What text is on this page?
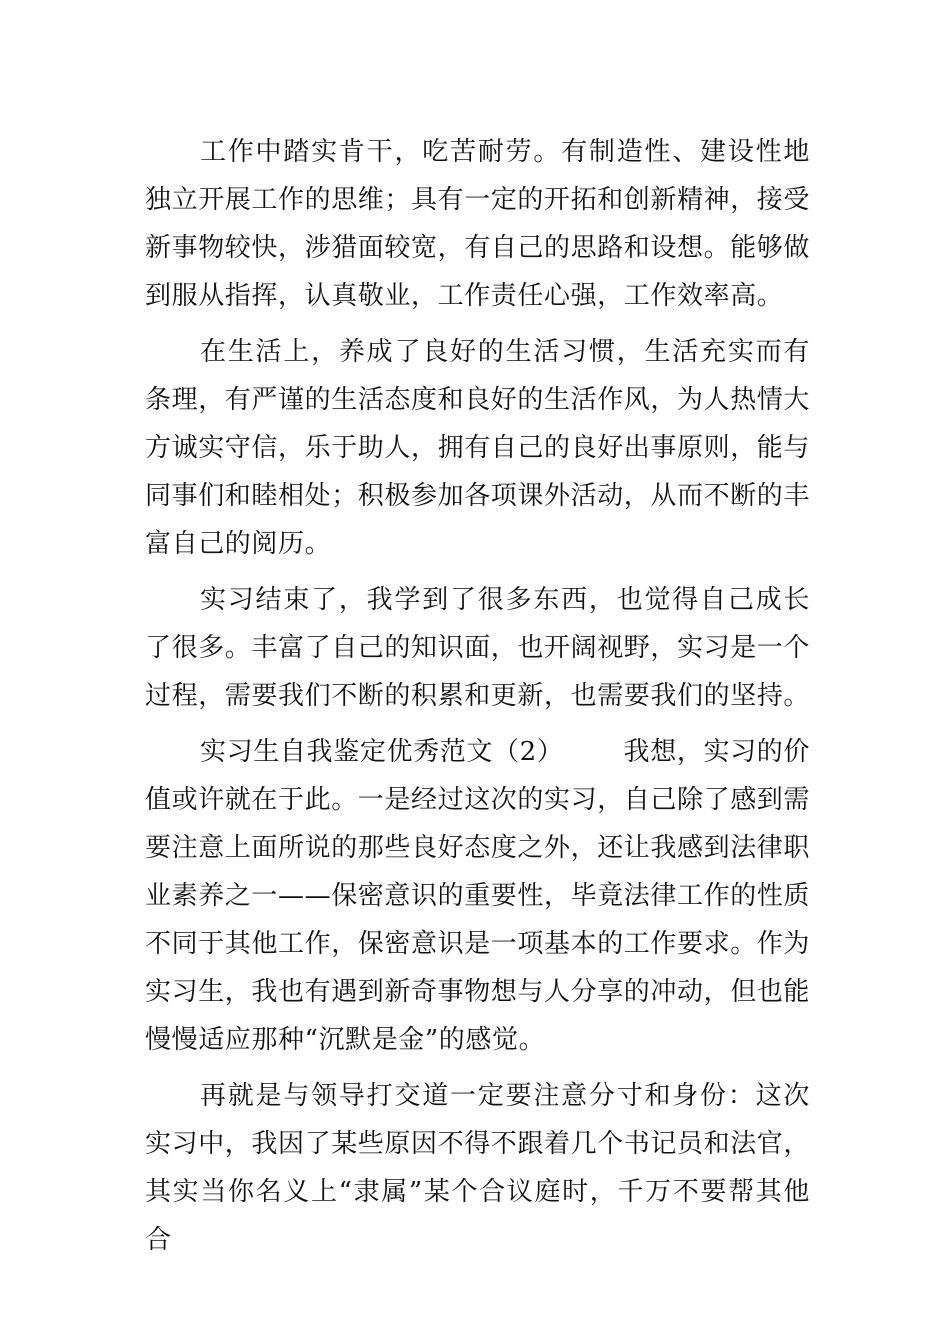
工作中踏实肯干，吃苦耐劳。有制造性、建设性地独立开展工作的思维；具有一定的开拓和创新精神，接受新事物较快，涉猎面较宽，有自己的思路和设想。能够做到服从指挥，认真敬业，工作责任心强，工作效率高。

在生活上，养成了良好的生活习惯，生活充实而有条理，有严谨的生活态度和良好的生活作风，为人热情大方诚实守信，乐于助人，拥有自己的良好出事原则，能与同事们和睦相处；积极参加各项课外活动，从而不断的丰富自己的阅历。

实习结束了，我学到了很多东西，也觉得自己成长了很多。丰富了自己的知识面，也开阔视野，实习是一个过程，需要我们不断的积累和更新，也需要我们的坚持。

实习生自我鉴定优秀范文（2） 我想，实习的价值或许就在于此。一是经过这次的实习，自己除了感到需要注意上面所说的那些良好态度之外，还让我感到法律职业素养之一——保密意识的重要性，毕竟法律工作的性质不同于其他工作，保密意识是一项基本的工作要求。作为实习生，我也有遇到新奇事物想与人分享的冲动，但也能慢慢适应那种“沉默是金”的感觉。

再就是与领导打交道一定要注意分寸和身份：这次实习中，我因了某些原因不得不跟着几个书记员和法官，其实当你名义上“隶属”某个合议庭时，千万不要帮其他合
